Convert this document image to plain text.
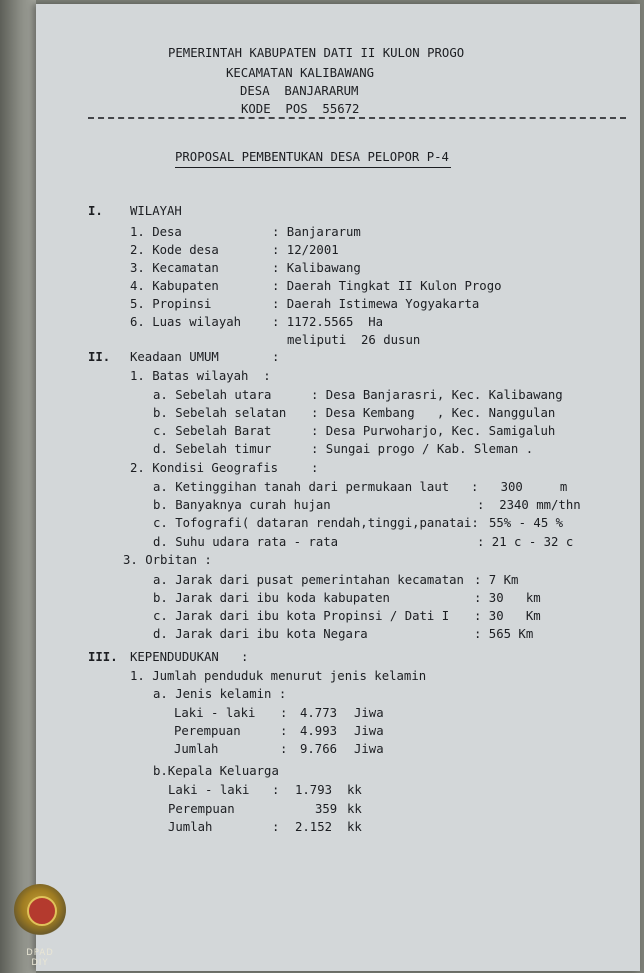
PEMERINTAH KABUPATEN DATI II KULON PROGO
KECAMATAN KALIBAWANG
DESA  BANJARARUM
KODE  POS  55672
PROPOSAL PEMBENTUKAN DESA PELOPOR P-4
I. WILAYAH
1. Desa	: Banjararum
2. Kode desa	: 12/2001
3. Kecamatan	: Kalibawang
4. Kabupaten	: Daerah Tingkat II Kulon Progo
5. Propinsi	: Daerah Istimewa Yogyakarta
6. Luas wilayah	: 1172.5565  Ha
meliputi  26 dusun
II. Keadaan UMUM	:
1. Batas wilayah  :
a. Sebelah utara	: Desa Banjarasri, Kec. Kalibawang
b. Sebelah selatan : Desa Kembang   , Kec. Nanggulan
c. Sebelah Barat	: Desa Purwoharjo, Kec. Samigaluh
d. Sebelah timur	: Sungai progo / Kab. Sleman .
2. Kondisi Geografis	:
a. Ketinggihan tanah dari permukaan laut :   300     m
b. Banyaknya curah hujan	:  2340 mm/thn
c. Tofografi( dataran rendah,tinggi,panatai: 55% - 45 %
d. Suhu udara rata - rata	: 21 c - 32 c
3. Orbitan :
a. Jarak dari pusat pemerintahan kecamatan : 7 Km
b. Jarak dari ibu koda kabupaten	: 30   km
c. Jarak dari ibu kota Propinsi / Dati I : 30   Km
d. Jarak dari ibu kota Negara	: 565 Km
III. KEPENDUDUKAN   :
1. Jumlah penduduk menurut jenis kelamin
a. Jenis kelamin :
Laki - laki : 4.773 Jiwa
Perempuan	: 4.993 Jiwa
Jumlah	: 9.766 Jiwa
b.Kepala Keluarga
Laki - laki : 1.793 kk
Perempuan	359 kk
Jumlah	: 2.152 kk
DPAD
DIY
